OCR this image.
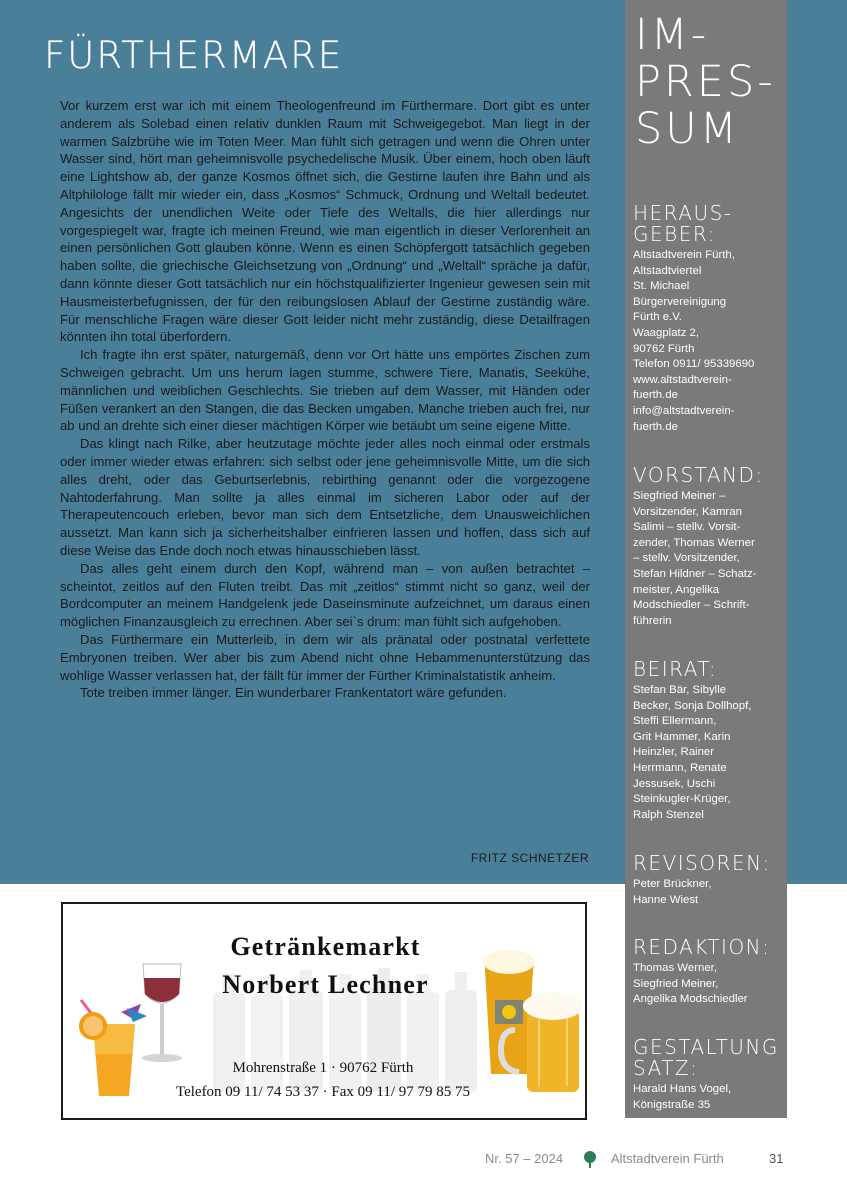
FÜRTHERMARE

Vor kurzem erst war ich mit einem Theologenfreund im Fürthermare. Dort gibt es unter anderem als Solebad einen relativ dunklen Raum mit Schweigegebot. Man liegt in der warmen Salzbrühe wie im Toten Meer. Man fühlt sich getragen und wenn die Ohren unter Wasser sind, hört man geheimnisvolle psychedelische Musik. Über einem, hoch oben läuft eine Lightshow ab, der ganze Kosmos öffnet sich, die Gestirne laufen ihre Bahn und als Altphilologe fällt mir wieder ein, dass „Kosmos“ Schmuck, Ordnung und Weltall bedeutet. Angesichts der unendlichen Weite oder Tiefe des Weltalls, die hier allerdings nur vorgespiegelt war, fragte ich meinen Freund, wie man eigentlich in dieser Verlorenheit an einen persönlichen Gott glauben könne. Wenn es einen Schöpfergott tatsächlich gegeben haben sollte, die griechische Gleichsetzung von „Ordnung“ und „Weltall“ spräche ja dafür, dann könnte dieser Gott tatsächlich nur ein höchstqualifizierter Ingenieur gewesen sein mit Hausmeisterbefugnissen, der für den reibungslosen Ablauf der Gestirne zuständig wäre. Für menschliche Fragen wäre dieser Gott leider nicht mehr zuständig, diese Detailfragen könnten ihn total überfordern.

Ich fragte ihn erst später, naturgemäß, denn vor Ort hätte uns empörtes Zischen zum Schweigen gebracht. Um uns herum lagen stumme, schwere Tiere, Manatis, Seekühe, männlichen und weiblichen Geschlechts. Sie trieben auf dem Wasser, mit Händen oder Füßen verankert an den Stangen, die das Becken umgaben. Manche trieben auch frei, nur ab und an drehte sich einer dieser mächtigen Körper wie betäubt um seine eigene Mitte.

Das klingt nach Rilke, aber heutzutage möchte jeder alles noch einmal oder erstmals oder immer wieder etwas erfahren: sich selbst oder jene geheimnisvolle Mitte, um die sich alles dreht, oder das Geburtserlebnis, rebirthing genannt oder die vorgezogene Nahtoderfahrung. Man sollte ja alles einmal im sicheren Labor oder auf der Therapeutencouch erleben, bevor man sich dem Entsetzliche, dem Unausweichlichen aussetzt. Man kann sich ja sicherheitshalber einfrieren lassen und hoffen, dass sich auf diese Weise das Ende doch noch etwas hinausschieben lässt.

Das alles geht einem durch den Kopf, während man – von außen betrachtet – scheintot, zeitlos auf den Fluten treibt. Das mit „zeitlos“ stimmt nicht so ganz, weil der Bordcomputer an meinem Handgelenk jede Daseinsminute aufzeichnet, um daraus einen möglichen Finanzausgleich zu errechnen. Aber sei`s drum: man fühlt sich aufgehoben.

Das Fürthermare ein Mutterleib, in dem wir als pränatal oder postnatal verfettete Embryonen treiben. Wer aber bis zum Abend nicht ohne Hebammenunterstützung das wohlige Wasser verlassen hat, der fällt für immer der Fürther Kriminalstatistik anheim.

Tote treiben immer länger. Ein wunderbarer Frankentatort wäre gefunden.

FRITZ SCHNETZER
IM-
PRES-
SUM
HERAUS-
GEBER:
Altstadtverein Fürth,
Altstadtviertel
St. Michael
Bürgervereinigung
Fürth e.V.
Waagplatz 2,
90762 Fürth
Telefon 0911/ 95339690
www.altstadtverein-
fuerth.de
info@altstadtverein-
fuerth.de
VORSTAND:
Siegfried Meiner –
Vorsitzender, Kamran
Salimi – stellv. Vorsit-
zender, Thomas Werner
– stellv. Vorsitzender,
Stefan Hildner – Schatz-
meister, Angelika
Modschiedler – Schrift-
führerin
BEIRAT:
Stefan Bär, Sibylle
Becker, Sonja Dollhopf,
Steffi Ellermann,
Grit Hammer, Karin
Heinzler, Rainer
Herrmann, Renate
Jessusek, Uschi
Steinkugler-Krüger,
Ralph Stenzel
REVISOREN:
Peter Brückner,
Hanne Wiest
REDAKTION:
Thomas Werner,
Siegfried Meiner,
Angelika Modschiedler
GESTALTUNG
SATZ:
Harald Hans Vogel,
Königstraße 35
Getränkemarkt
Norbert Lechner
Mohrenstraße 1 · 90762 Fürth
Telefon 09 11/ 74 53 37 · Fax 09 11/ 97 79 85 75
Nr. 57 – 2024	Altstadtverein Fürth	31
